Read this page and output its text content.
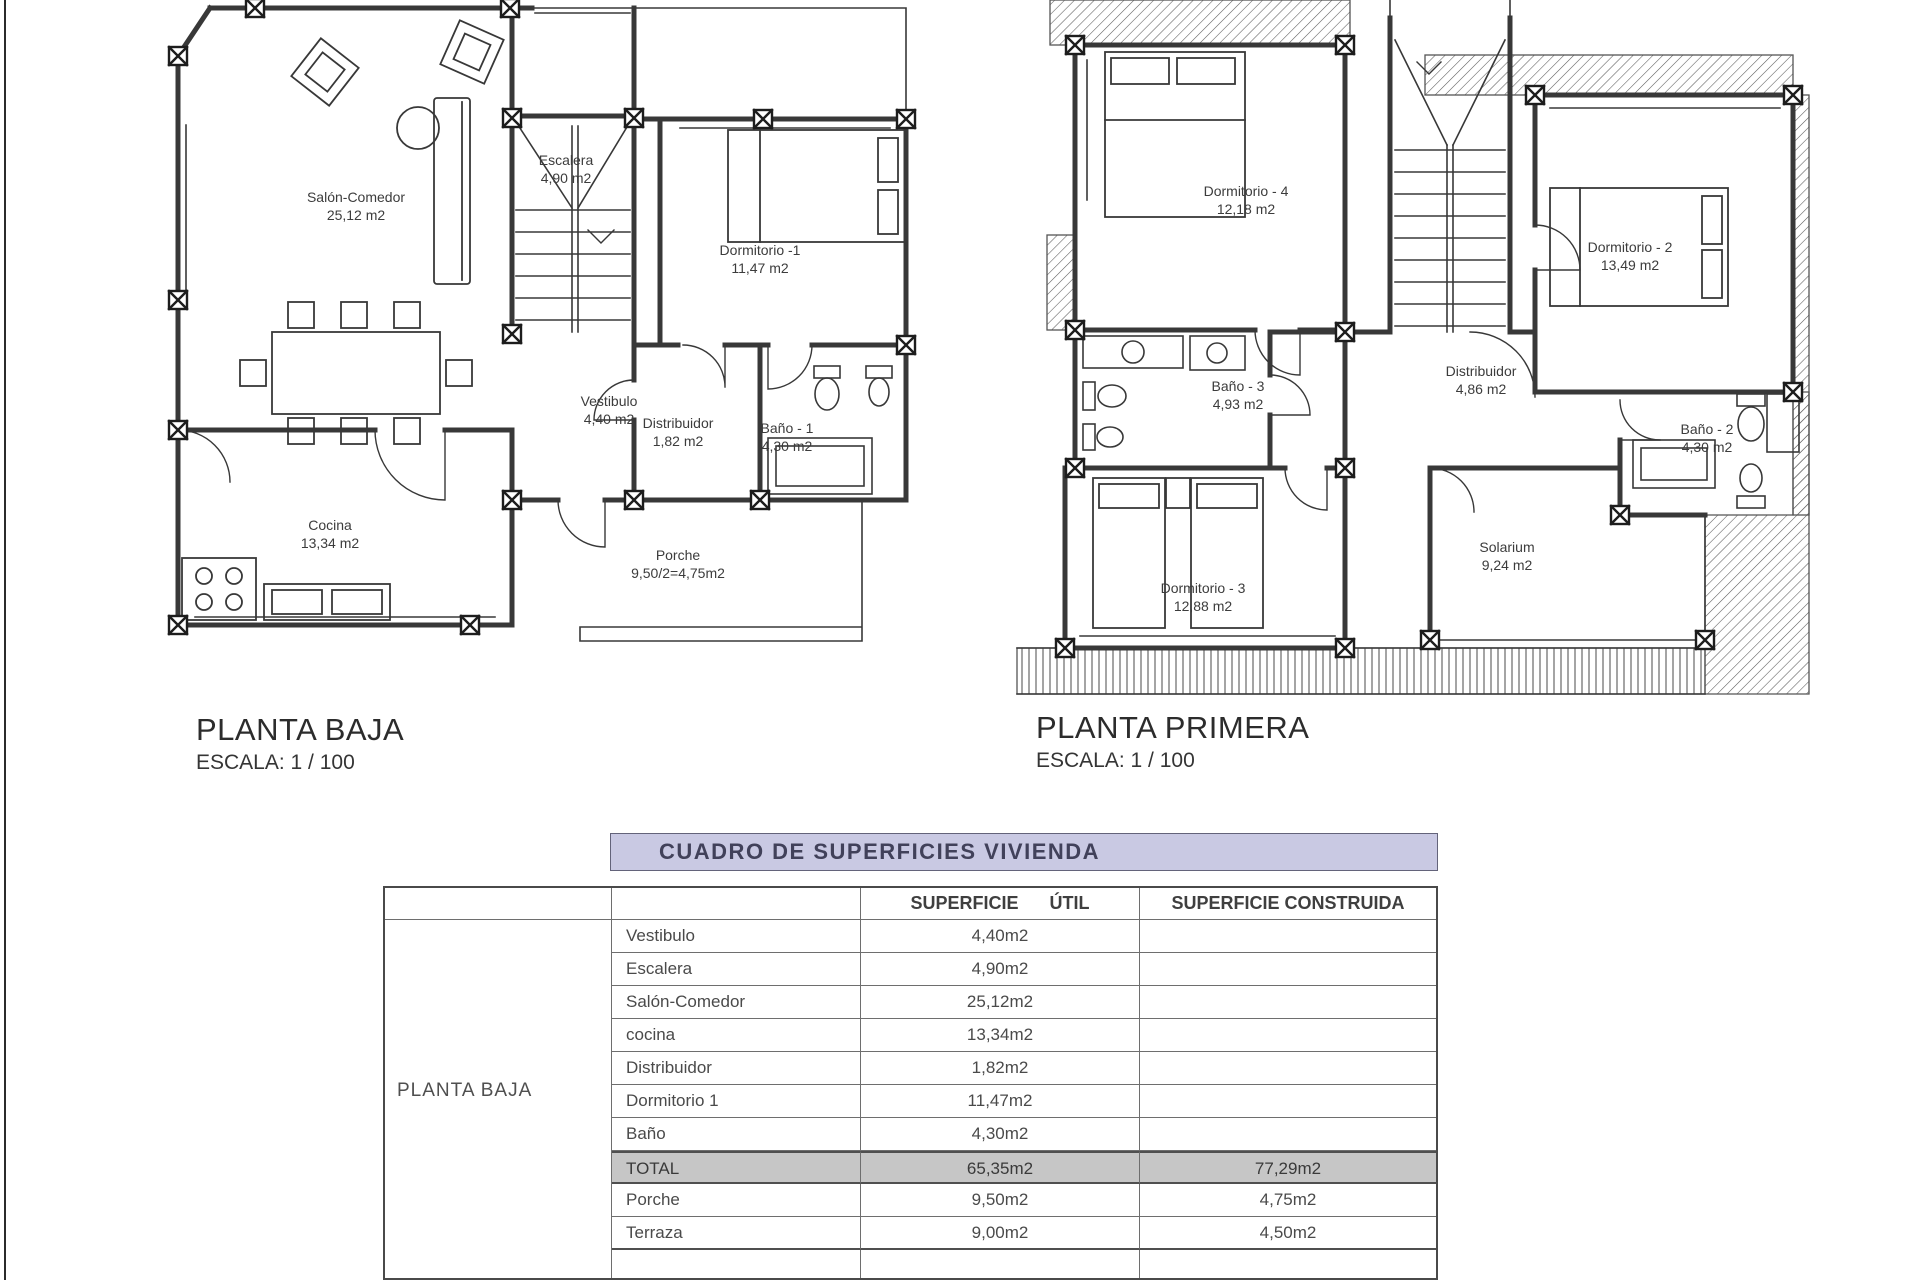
Salón-Comedor
25,12 m2
Escalera
4,90 m2
Dormitorio -1
11,47 m2
Vestibulo
4,40 m2 Distribuidor
1,82 m2
Baño - 1
4,30 m2
Cocina
13,34 m2
Porche
9,50/2=4,75m2
Dormitorio - 4
12,18 m2
Dormitorio - 2
13,49 m2
Baño - 3
4,93 m2
Distribuidor
4,86 m2
Baño - 2
4,30 m2
Dormitorio - 3
12,88 m2
Solarium
9,24 m2
PLANTA BAJA
ESCALA: 1 / 100
PLANTA PRIMERA
ESCALA: 1 / 100
CUADRO DE SUPERFICIES VIVIENDA
SUPERFICIE ÚTIL	SUPERFICIE CONSTRUIDA
PLANTA BAJA
Vestibulo	4,40m2
Escalera	4,90m2
Salón-Comedor	25,12m2
cocina	13,34m2
Distribuidor	1,82m2
Dormitorio 1	11,47m2
Baño	4,30m2
TOTAL	65,35m2	77,29m2
Porche	9,50m2	4,75m2
Terraza	9,00m2	4,50m2
